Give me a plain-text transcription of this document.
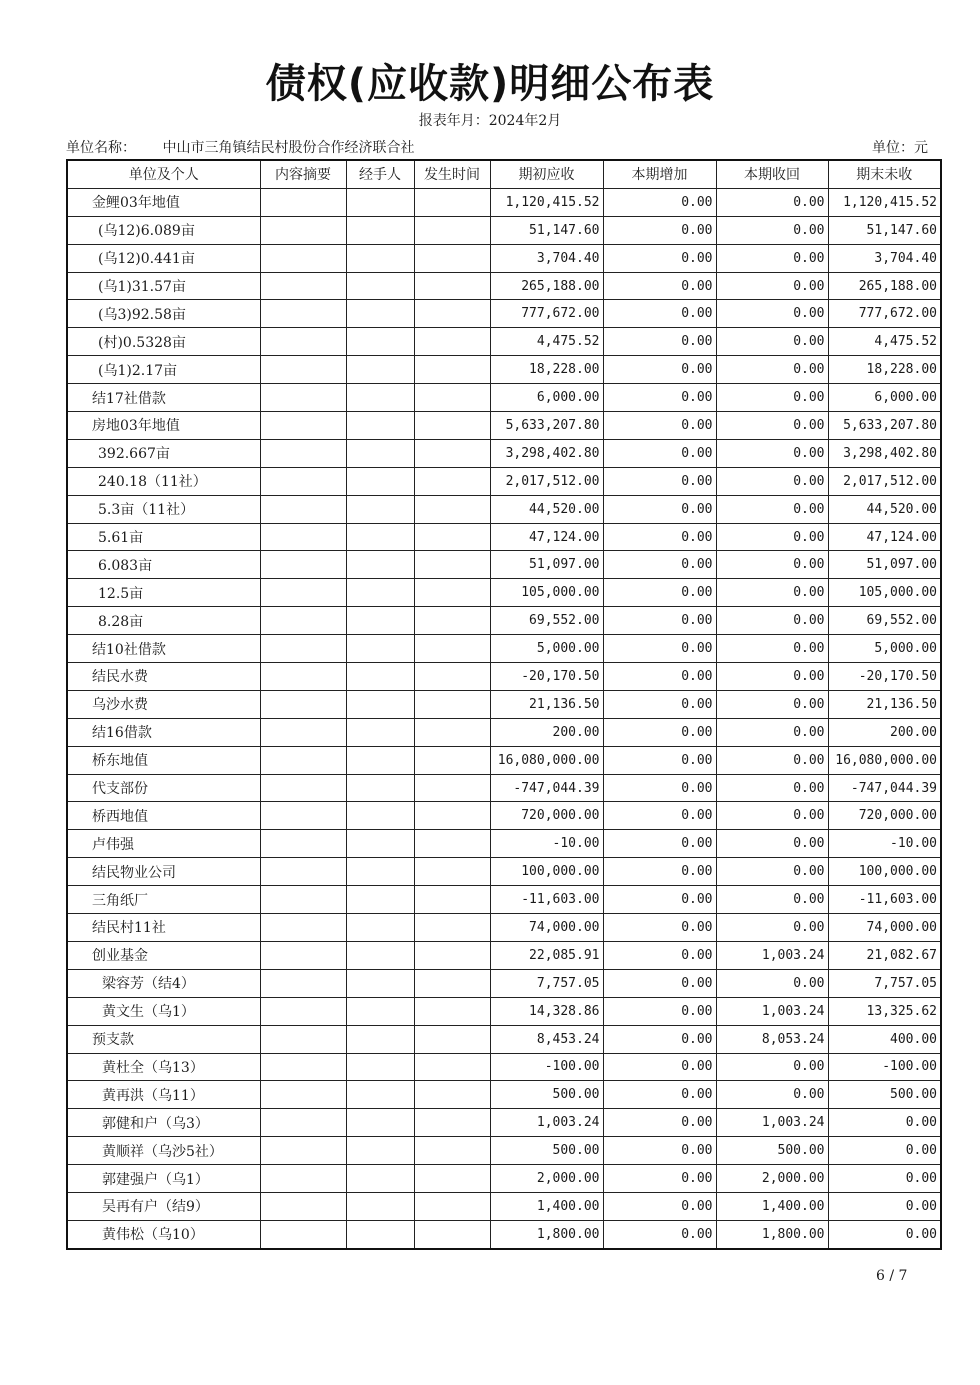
债权(应收款)明细公布表
报表年月：2024年2月
单位名称： 中山市三角镇结民村股份合作经济联合社	单位：元
单位及个人	内容摘要	经手人	发生时间	期初应收	本期增加	本期收回	期末未收
金鲤03年地值				1,120,415.52	0.00	0.00	1,120,415.52
(乌12)6.089亩				51,147.60	0.00	0.00	51,147.60
(乌12)0.441亩				3,704.40	0.00	0.00	3,704.40
(乌1)31.57亩				265,188.00	0.00	0.00	265,188.00
(乌3)92.58亩				777,672.00	0.00	0.00	777,672.00
(村)0.5328亩				4,475.52	0.00	0.00	4,475.52
(乌1)2.17亩				18,228.00	0.00	0.00	18,228.00
结17社借款				6,000.00	0.00	0.00	6,000.00
房地03年地值				5,633,207.80	0.00	0.00	5,633,207.80
392.667亩				3,298,402.80	0.00	0.00	3,298,402.80
240.18（11社）				2,017,512.00	0.00	0.00	2,017,512.00
5.3亩（11社）				44,520.00	0.00	0.00	44,520.00
5.61亩				47,124.00	0.00	0.00	47,124.00
6.083亩				51,097.00	0.00	0.00	51,097.00
12.5亩				105,000.00	0.00	0.00	105,000.00
8.28亩				69,552.00	0.00	0.00	69,552.00
结10社借款				5,000.00	0.00	0.00	5,000.00
结民水费				-20,170.50	0.00	0.00	-20,170.50
乌沙水费				21,136.50	0.00	0.00	21,136.50
结16借款				200.00	0.00	0.00	200.00
桥东地值				16,080,000.00	0.00	0.00	16,080,000.00
代支部份				-747,044.39	0.00	0.00	-747,044.39
桥西地值				720,000.00	0.00	0.00	720,000.00
卢伟强				-10.00	0.00	0.00	-10.00
结民物业公司				100,000.00	0.00	0.00	100,000.00
三角纸厂				-11,603.00	0.00	0.00	-11,603.00
结民村11社				74,000.00	0.00	0.00	74,000.00
创业基金				22,085.91	0.00	1,003.24	21,082.67
梁容芳（结4）				7,757.05	0.00	0.00	7,757.05
黄文生（乌1）				14,328.86	0.00	1,003.24	13,325.62
预支款				8,453.24	0.00	8,053.24	400.00
黄杜全（乌13）				-100.00	0.00	0.00	-100.00
黄再洪（乌11）				500.00	0.00	0.00	500.00
郭健和户（乌3）				1,003.24	0.00	1,003.24	0.00
黄顺祥（乌沙5社）				500.00	0.00	500.00	0.00
郭建强户（乌1）				2,000.00	0.00	2,000.00	0.00
吴再有户（结9）				1,400.00	0.00	1,400.00	0.00
黄伟松（乌10）				1,800.00	0.00	1,800.00	0.00
6 / 7
